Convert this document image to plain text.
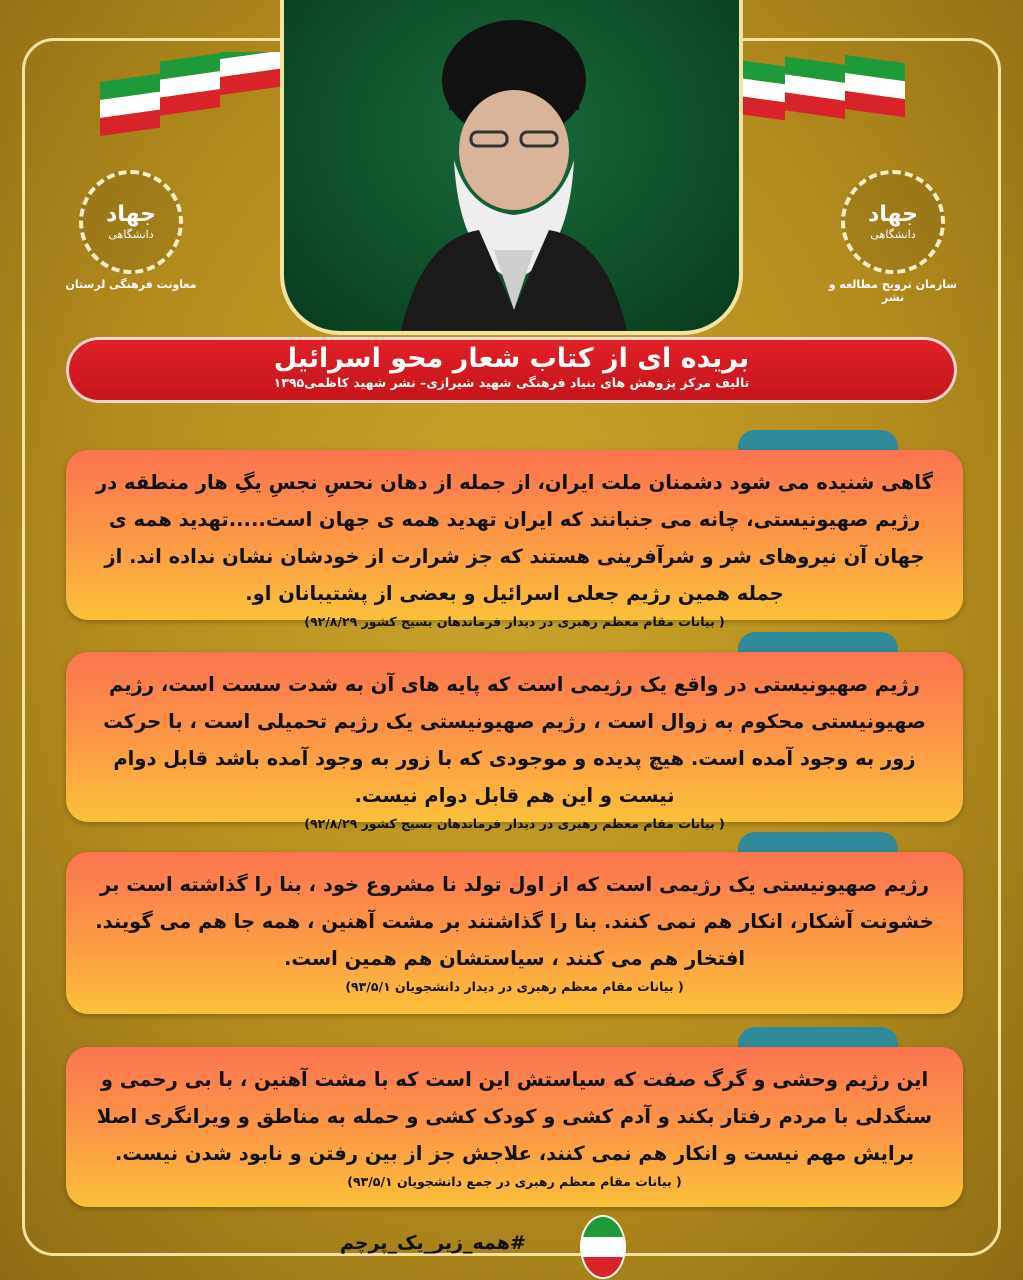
جهاد
دانشگاهی
معاونت فرهنگی لرستان
جهاد
دانشگاهی
سازمان ترویج مطالعه و نشر
بریده ای از کتاب شعار محو اسرائیل
تالیف مرکز پژوهش های بنیاد فرهنگی شهید شیرازی– نشر شهید کاظمی۱۳۹۵
گاهی شنیده می شود دشمنان ملت ایران، از جمله از دهان نحسِ نجسِ یگِ هار منطقه در رژیم صهیونیستی، چانه می جنبانند که ایران تهدید همه ی جهان است.....تهدید همه ی جهان آن نیروهای شر و شرآفرینی هستند که جز شرارت از خودشان نشان نداده اند. از جمله همین رژیم جعلی اسرائیل و بعضی از پشتیبانان او.
( بیانات مقام معظم رهبری در دیدار فرماندهان بسیج کشور ۹۲/۸/۲۹)
رژیم صهیونیستی در واقع یک رژیمی است که پایه های آن به شدت سست است، رژیم صهیونیستی محکوم به زوال است ، رژیم صهیونیستی یک رژیم تحمیلی است ، با حرکت زور به وجود آمده است. هیچ پدیده و موجودی که با زور به وجود آمده باشد قابل دوام نیست و این هم قابل دوام نیست.
( بیانات مقام معظم رهبری در دیدار فرماندهان بسیج کشور ۹۲/۸/۲۹)
رژیم صهیونیستی یک رژیمی است که از اول تولد نا مشروع خود ، بنا را گذاشته است بر خشونت آشکار، انکار هم نمی کنند. بنا را گذاشتند بر مشت آهنین ، همه جا هم می گویند. افتخار هم می کنند ، سیاستشان هم همین است.
( بیانات مقام معظم رهبری در دیدار دانشجویان ۹۳/۵/۱)
این رژیم وحشی و گرگ صفت که سیاستش این است که با مشت آهنین ، با بی رحمی و سنگدلی با مردم رفتار بکند و آدم کشی و کودک کشی و حمله به مناطق و ویرانگری اصلا برایش مهم نیست و انکار هم نمی کنند، علاجش جز از بین رفتن و نابود شدن نیست.
( بیانات مقام معظم رهبری در جمع دانشجویان ۹۳/۵/۱)
#همه_زیر_یک_پرچم
